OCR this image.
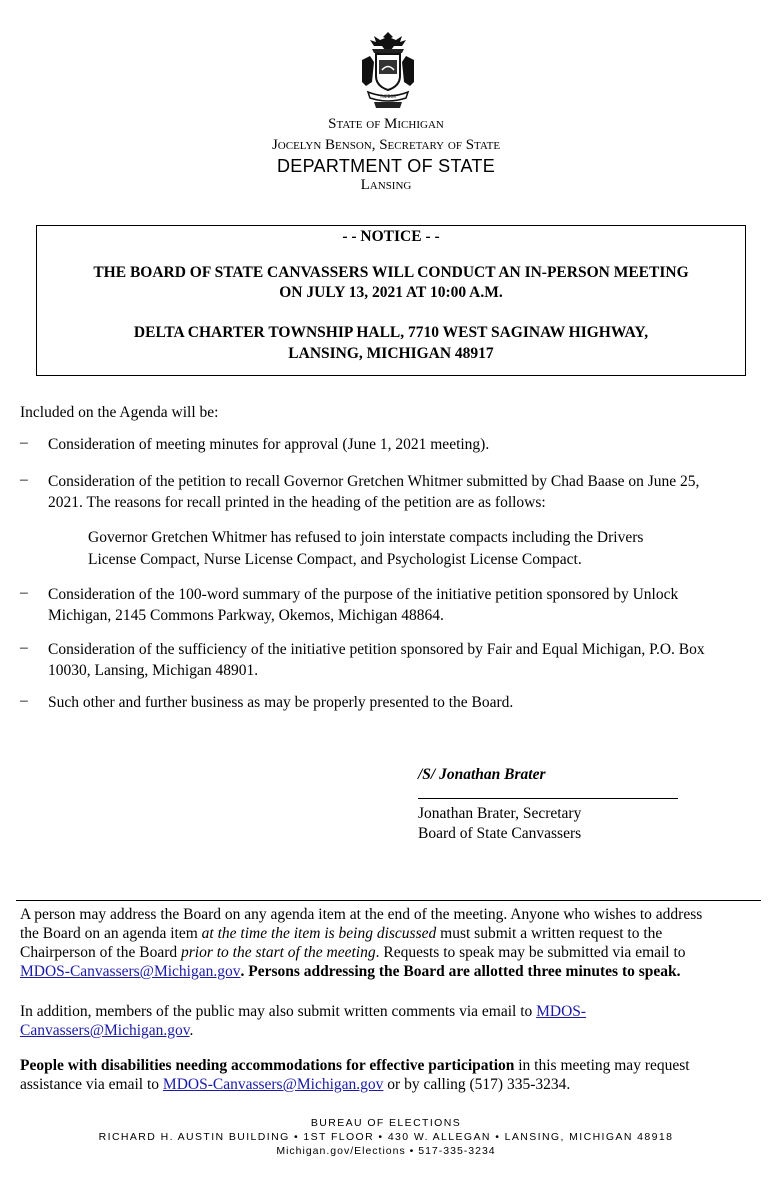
TUEBOR
State of Michigan
Jocelyn Benson, Secretary of State
DEPARTMENT OF STATE
Lansing
- - NOTICE - -
THE BOARD OF STATE CANVASSERS WILL CONDUCT AN IN-PERSON MEETING
ON JULY 13, 2021 AT 10:00 A.M.
DELTA CHARTER TOWNSHIP HALL, 7710 WEST SAGINAW HIGHWAY,
LANSING, MICHIGAN 48917
Included on the Agenda will be:
– Consideration of meeting minutes for approval (June 1, 2021 meeting).
– Consideration of the petition to recall Governor Gretchen Whitmer submitted by Chad Baase on June 25,
2021. The reasons for recall printed in the heading of the petition are as follows:
Governor Gretchen Whitmer has refused to join interstate compacts including the Drivers
License Compact, Nurse License Compact, and Psychologist License Compact.
– Consideration of the 100-word summary of the purpose of the initiative petition sponsored by Unlock
Michigan, 2145 Commons Parkway, Okemos, Michigan 48864.
– Consideration of the sufficiency of the initiative petition sponsored by Fair and Equal Michigan, P.O. Box
10030, Lansing, Michigan 48901.
– Such other and further business as may be properly presented to the Board.
/S/ Jonathan Brater
Jonathan Brater, Secretary
Board of State Canvassers
A person may address the Board on any agenda item at the end of the meeting. Anyone who wishes to address
the Board on an agenda item at the time the item is being discussed must submit a written request to the
Chairperson of the Board prior to the start of the meeting. Requests to speak may be submitted via email to
MDOS-Canvassers@Michigan.gov. Persons addressing the Board are allotted three minutes to speak.
In addition, members of the public may also submit written comments via email to MDOS-
Canvassers@Michigan.gov.
People with disabilities needing accommodations for effective participation in this meeting may request
assistance via email to MDOS-Canvassers@Michigan.gov or by calling (517) 335-3234.
BUREAU OF ELECTIONS
RICHARD H. AUSTIN BUILDING • 1ST FLOOR • 430 W. ALLEGAN • LANSING, MICHIGAN 48918
Michigan.gov/Elections • 517-335-3234
